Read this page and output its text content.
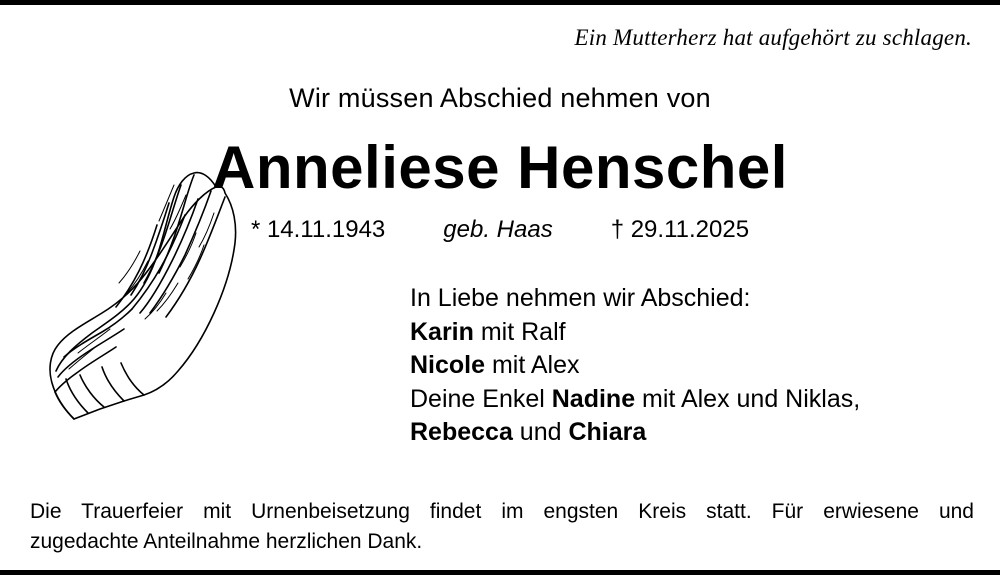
Ein Mutterherz hat aufgehört zu schlagen.
Wir müssen Abschied nehmen von
Anneliese Henschel
* 14.11.1943 geb. Haas † 29.11.2025
In Liebe nehmen wir Abschied:
Karin mit Ralf
Nicole mit Alex
Deine Enkel Nadine mit Alex und Niklas,
Rebecca und Chiara
Die Trauerfeier mit Urnenbeisetzung findet im engsten Kreis statt. Für erwiesene und
zugedachte Anteilnahme herzlichen Dank.
